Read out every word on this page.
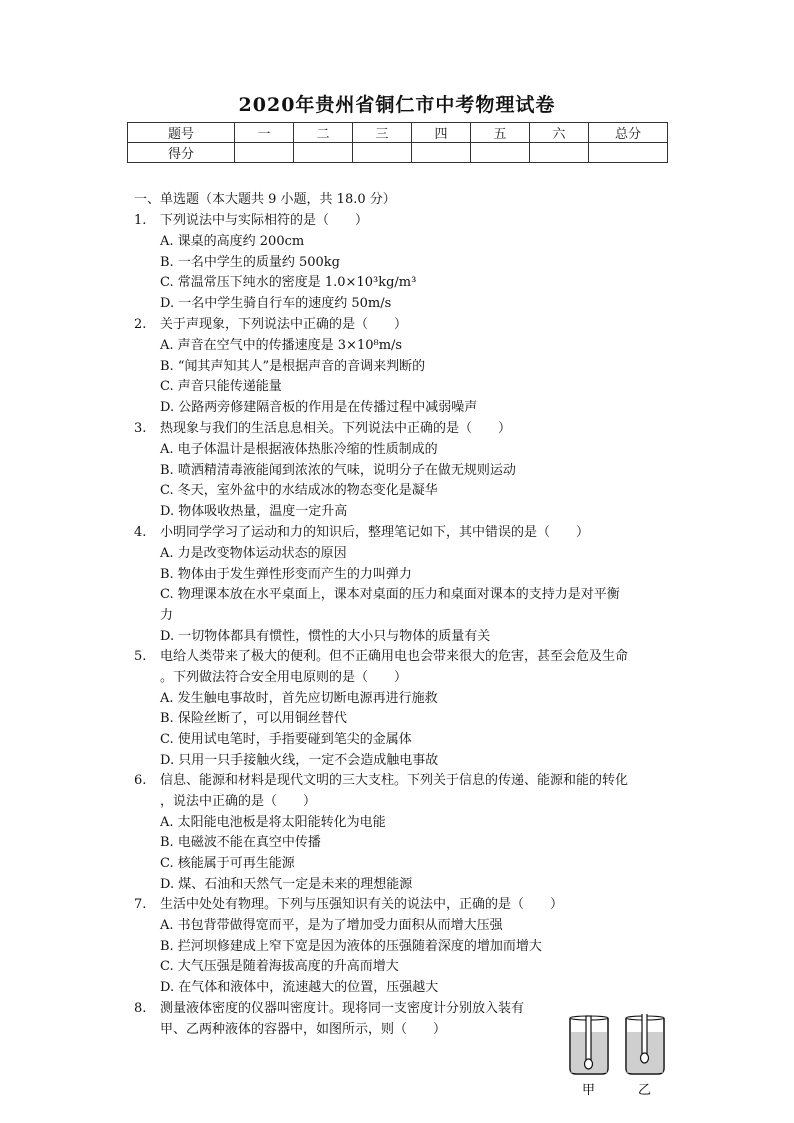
2020年贵州省铜仁市中考物理试卷
题号	一	二	三	四	五	六	总分
得分							
一、单选题（本大题共 9 小题，共 18.0 分）
1.	下列说法中与实际相符的是（　　）
A. 课桌的高度约 200cm
B. 一名中学生的质量约 500kg
C. 常温常压下纯水的密度是 1.0×10³kg/m³
D. 一名中学生骑自行车的速度约 50m/s
2.	关于声现象，下列说法中正确的是（　　）
A. 声音在空气中的传播速度是 3×10⁸m/s
B. “闻其声知其人”是根据声音的音调来判断的
C. 声音只能传递能量
D. 公路两旁修建隔音板的作用是在传播过程中减弱噪声
3.	热现象与我们的生活息息相关。下列说法中正确的是（　　）
A. 电子体温计是根据液体热胀冷缩的性质制成的
B. 喷洒精清毒液能闻到浓浓的气味，说明分子在做无规则运动
C. 冬天，室外盆中的水结成冰的物态变化是凝华
D. 物体吸收热量，温度一定升高
4.	小明同学学习了运动和力的知识后，整理笔记如下，其中错误的是（　　）
A. 力是改变物体运动状态的原因
B. 物体由于发生弹性形变而产生的力叫弹力
C. 物理课本放在水平桌面上，课本对桌面的压力和桌面对课本的支持力是对平衡
力
D. 一切物体都具有惯性，惯性的大小只与物体的质量有关
5.	电给人类带来了极大的便利。但不正确用电也会带来很大的危害，甚至会危及生命
。下列做法符合安全用电原则的是（　　）
A. 发生触电事故时，首先应切断电源再进行施救
B. 保险丝断了，可以用铜丝替代
C. 使用试电笔时，手指要碰到笔尖的金属体
D. 只用一只手接触火线，一定不会造成触电事故
6.	信息、能源和材料是现代文明的三大支柱。下列关于信息的传递、能源和能的转化
，说法中正确的是（　　）
A. 太阳能电池板是将太阳能转化为电能
B. 电磁波不能在真空中传播
C. 核能属于可再生能源
D. 煤、石油和天然气一定是未来的理想能源
7.	生活中处处有物理。下列与压强知识有关的说法中，正确的是（　　）
A. 书包背带做得宽而平，是为了增加受力面积从而增大压强
B. 拦河坝修建成上窄下宽是因为液体的压强随着深度的增加而增大
C. 大气压强是随着海拔高度的升高而增大
D. 在气体和液体中，流速越大的位置，压强越大
8.	测量液体密度的仪器叫密度计。现将同一支密度计分别放入装有
甲、乙两种液体的容器中，如图所示，则（　　）
甲	乙
